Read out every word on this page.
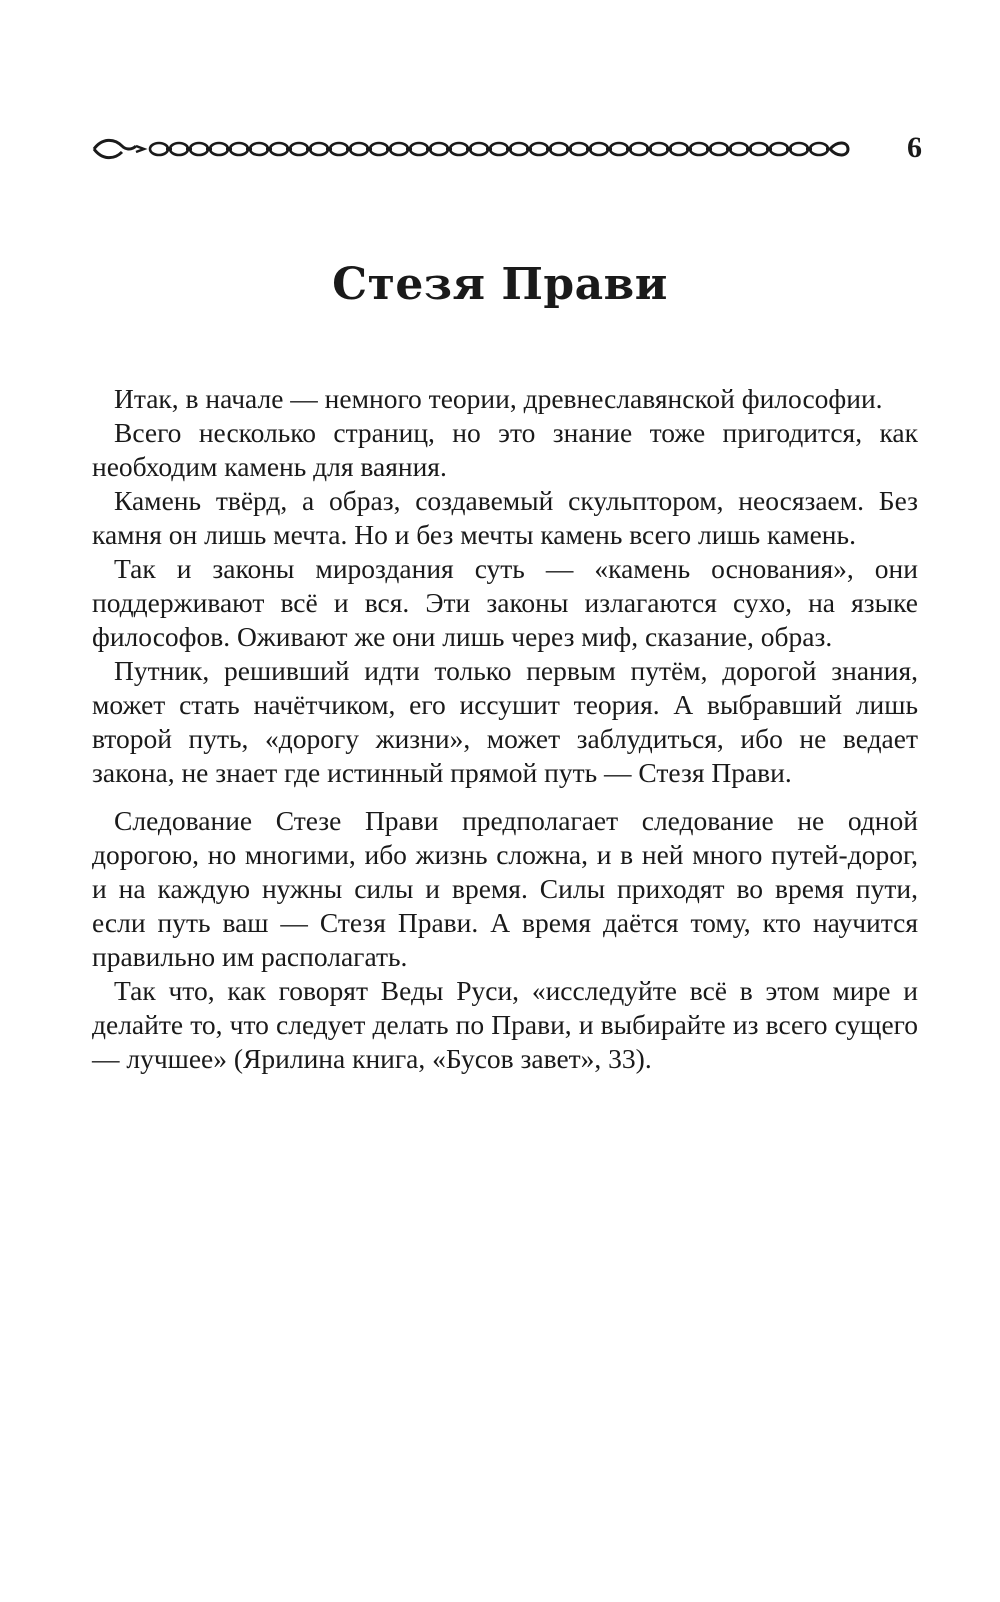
6
Стезя Прави

Итак, в начале — немного теории, древнеславянской философии.

Всего несколько страниц, но это знание тоже пригодится, как необходим камень для ваяния.

Камень твёрд, а образ, создавемый скульптором, неосязаем. Без камня он лишь мечта. Но и без мечты камень всего лишь камень.

Так и законы мироздания суть — «камень основания», они поддерживают всё и вся. Эти законы излагаются сухо, на языке философов. Оживают же они лишь через миф, сказание, образ.

Путник, решивший идти только первым путём, дорогой знания, может стать начётчиком, его иссушит теория. А выбравший лишь второй путь, «дорогу жизни», может заблудиться, ибо не ведает закона, не знает где истинный прямой путь — Стезя Прави.

Следование Стезе Прави предполагает следование не одной дорогою, но многими, ибо жизнь сложна, и в ней много путей-дорог, и на каждую нужны силы и время. Силы приходят во время пути, если путь ваш — Стезя Прави. А время даётся тому, кто научится правильно им располагать.

Так что, как говорят Веды Руси, «исследуйте всё в этом мире и делайте то, что следует делать по Прави, и выбирайте из всего сущего — лучшее» (Ярилина книга, «Бусов завет», 33).
